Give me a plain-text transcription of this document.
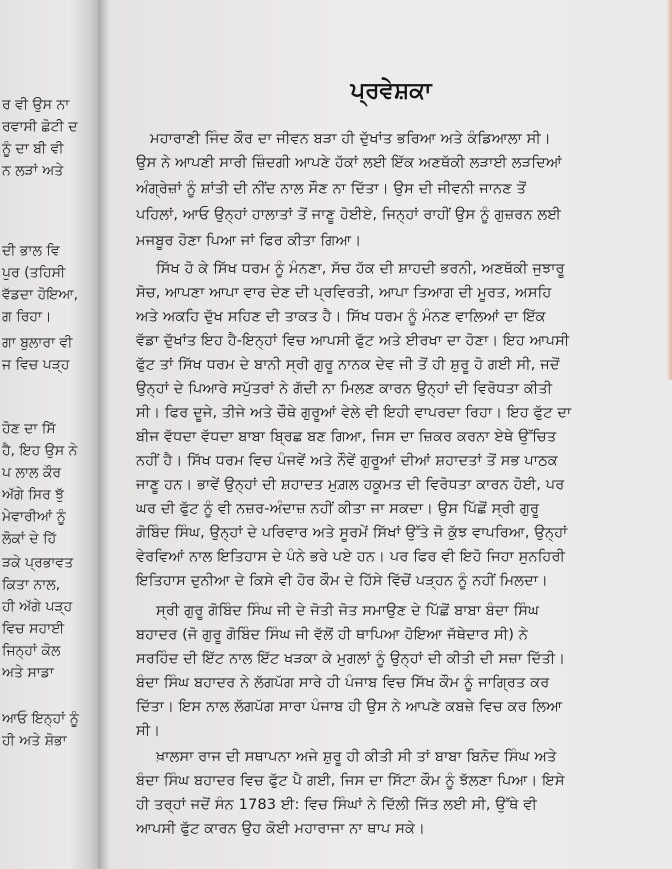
ਰ ਵੀ ਉਸ ਨਾ
ਰਵਾਸੀ ਛੋਟੀ ਦ
ਨੂੰ ਦਾ ਬੀ ਵੀ
ਨ ਲੜਾਂ ਅਤੇ
ਦੀ ਭਾਲ ਵਿ
ਪੁਰ (ਤਹਿਸੀ
ਵੱਡਦਾ ਹੋਇਆ,
ਗ ਰਿਹਾ।
ਗਾ ਬੁਲਾਰਾ ਵੀ
ਜ ਵਿਚ ਪੜ੍ਹ
ਹੋਣ ਦਾ ਸਿੱ
ਹੈ, ਇਹ ਉਸ ਨੇ
ਪ ਲਾਲ ਕੌਰ
ਅੱਗੇ ਸਿਰ ਝੁੱ
ਮੇਵਾਰੀਆਂ ਨੂੰ
ਲੋਕਾਂ ਦੇ ਹਿੱ
ੜਕੇ ਪ੍ਰਭਾਵਤ
ਕਿਤਾ ਨਾਲ,
ਹੀ ਅੱਗੇ ਪੜ੍ਹ
ਵਿਚ ਸਹਾਈ
ਜਿਨ੍ਹਾਂ ਕੋਲ
ਅਤੇ ਸਾਡਾ
ਆਓ ਇਨ੍ਹਾਂ ਨੂੰ
ਹੀ ਅਤੇ ਸ਼ੋਭਾ
ਪ੍ਰਵੇਸ਼ਕਾ
ਮਹਾਰਾਣੀ ਜਿੰਦ ਕੌਰ ਦਾ ਜੀਵਨ ਬੜਾ ਹੀ ਦੁੱਖਾਂਤ ਭਰਿਆ ਅਤੇ ਕੰਡਿਆਲਾ ਸੀ।
ਉਸ ਨੇ ਆਪਣੀ ਸਾਰੀ ਜ਼ਿੰਦਗੀ ਆਪਣੇ ਹੱਕਾਂ ਲਈ ਇੱਕ ਅਣਥੱਕੀ ਲੜਾਈ ਲੜਦਿਆਂ
ਅੰਗ੍ਰੇਜ਼ਾਂ ਨੂੰ ਸ਼ਾਂਤੀ ਦੀ ਨੀਂਦ ਨਾਲ ਸੌਣ ਨਾ ਦਿੱਤਾ। ਉਸ ਦੀ ਜੀਵਨੀ ਜਾਨਣ ਤੋਂ
ਪਹਿਲਾਂ, ਆਓ ਉਨ੍ਹਾਂ ਹਾਲਾਤਾਂ ਤੋਂ ਜਾਣੂ ਹੋਈਏ, ਜਿਨ੍ਹਾਂ ਰਾਹੀਂ ਉਸ ਨੂੰ ਗੁਜ਼ਰਨ ਲਈ
ਮਜਬੂਰ ਹੋਣਾ ਪਿਆ ਜਾਂ ਫਿਰ ਕੀਤਾ ਗਿਆ।
ਸਿੱਖ ਹੋ ਕੇ ਸਿੱਖ ਧਰਮ ਨੂੰ ਮੰਨਣਾ, ਸੱਚ ਹੱਕ ਦੀ ਸ਼ਾਹਦੀ ਭਰਨੀ, ਅਣਥੱਕੀ ਜੁਝਾਰੂ
ਸੋਚ, ਆਪਣਾ ਆਪਾ ਵਾਰ ਦੇਣ ਦੀ ਪ੍ਰਵਿਰਤੀ, ਆਪਾ ਤਿਆਗ ਦੀ ਮੂਰਤ, ਅਸਹਿ
ਅਤੇ ਅਕਹਿ ਦੁੱਖ ਸਹਿਣ ਦੀ ਤਾਕਤ ਹੈ। ਸਿੱਖ ਧਰਮ ਨੂੰ ਮੰਨਣ ਵਾਲਿਆਂ ਦਾ ਇੱਕ
ਵੱਡਾ ਦੁੱਖਾਂਤ ਇਹ ਹੈ-ਇਨ੍ਹਾਂ ਵਿਚ ਆਪਸੀ ਫੁੱਟ ਅਤੇ ਈਰਖਾ ਦਾ ਹੋਣਾ। ਇਹ ਆਪਸੀ
ਫੁੱਟ ਤਾਂ ਸਿੱਖ ਧਰਮ ਦੇ ਬਾਨੀ ਸ੍ਰੀ ਗੁਰੂ ਨਾਨਕ ਦੇਵ ਜੀ ਤੋਂ ਹੀ ਸ਼ੁਰੂ ਹੋ ਗਈ ਸੀ, ਜਦੋਂ
ਉਨ੍ਹਾਂ ਦੇ ਪਿਆਰੇ ਸਪੁੱਤਰਾਂ ਨੇ ਗੱਦੀ ਨਾ ਮਿਲਣ ਕਾਰਨ ਉਨ੍ਹਾਂ ਦੀ ਵਿਰੋਧਤਾ ਕੀਤੀ
ਸੀ। ਫਿਰ ਦੂਜੇ, ਤੀਜੇ ਅਤੇ ਚੌਥੇ ਗੁਰੂਆਂ ਵੇਲੇ ਵੀ ਇਹੀ ਵਾਪਰਦਾ ਰਿਹਾ। ਇਹ ਫੁੱਟ ਦਾ
ਬੀਜ ਵੱਧਦਾ ਵੱਧਦਾ ਬਾਬਾ ਬ੍ਰਿਛ ਬਣ ਗਿਆ, ਜਿਸ ਦਾ ਜ਼ਿਕਰ ਕਰਨਾ ਏਥੇ ਉੱਚਿਤ
ਨਹੀਂ ਹੈ। ਸਿੱਖ ਧਰਮ ਵਿਚ ਪੰਜਵੇਂ ਅਤੇ ਨੌਵੇਂ ਗੁਰੂਆਂ ਦੀਆਂ ਸ਼ਹਾਦਤਾਂ ਤੋਂ ਸਭ ਪਾਠਕ
ਜਾਣੂ ਹਨ। ਭਾਵੇਂ ਉਨ੍ਹਾਂ ਦੀ ਸ਼ਹਾਦਤ ਮੁਗ਼ਲ ਹਕੂਮਤ ਦੀ ਵਿਰੋਧਤਾ ਕਾਰਨ ਹੋਈ, ਪਰ
ਘਰ ਦੀ ਫੁੱਟ ਨੂੰ ਵੀ ਨਜ਼ਰ-ਅੰਦਾਜ਼ ਨਹੀਂ ਕੀਤਾ ਜਾ ਸਕਦਾ। ਉਸ ਪਿੱਛੋਂ ਸ੍ਰੀ ਗੁਰੂ
ਗੋਬਿੰਦ ਸਿੰਘ, ਉਨ੍ਹਾਂ ਦੇ ਪਰਿਵਾਰ ਅਤੇ ਸੂਰਮੇਂ ਸਿੱਖਾਂ ਉੱਤੇ ਜੋ ਕੁੱਝ ਵਾਪਰਿਆ, ਉਨ੍ਹਾਂ
ਵੇਰਵਿਆਂ ਨਾਲ ਇਤਿਹਾਸ ਦੇ ਪੰਨੇ ਭਰੇ ਪਏ ਹਨ। ਪਰ ਫਿਰ ਵੀ ਇਹੋ ਜਿਹਾ ਸੁਨਹਿਰੀ
ਇਤਿਹਾਸ ਦੁਨੀਆ ਦੇ ਕਿਸੇ ਵੀ ਹੋਰ ਕੌਮ ਦੇ ਹਿੱਸੇ ਵਿੱਚੋਂ ਪੜ੍ਹਨ ਨੂੰ ਨਹੀਂ ਮਿਲਦਾ।
ਸ੍ਰੀ ਗੁਰੂ ਗੋਬਿੰਦ ਸਿੰਘ ਜੀ ਦੇ ਜੋਤੀ ਜੋਤ ਸਮਾਉਣ ਦੇ ਪਿੱਛੋਂ ਬਾਬਾ ਬੰਦਾ ਸਿੰਘ
ਬਹਾਦਰ (ਜੋ ਗੁਰੂ ਗੋਬਿੰਦ ਸਿੰਘ ਜੀ ਵੱਲੋਂ ਹੀ ਥਾਪਿਆ ਹੋਇਆ ਜੱਥੇਦਾਰ ਸੀ) ਨੇ
ਸਰਹਿੰਦ ਦੀ ਇੱਟ ਨਾਲ ਇੱਟ ਖੜਕਾ ਕੇ ਮੁਗਲਾਂ ਨੂੰ ਉਨ੍ਹਾਂ ਦੀ ਕੀਤੀ ਦੀ ਸਜ਼ਾ ਦਿੱਤੀ।
ਬੰਦਾ ਸਿੰਘ ਬਹਾਦਰ ਨੇ ਲੱਗਪੱਗ ਸਾਰੇ ਹੀ ਪੰਜਾਬ ਵਿਚ ਸਿੱਖ ਕੌਮ ਨੂੰ ਜਾਗ੍ਰਿਤ ਕਰ
ਦਿੱਤਾ। ਇਸ ਨਾਲ ਲੱਗਪੱਗ ਸਾਰਾ ਪੰਜਾਬ ਹੀ ਉਸ ਨੇ ਆਪਣੇ ਕਬਜ਼ੇ ਵਿਚ ਕਰ ਲਿਆ
ਸੀ।
ਖ਼ਾਲਸਾ ਰਾਜ ਦੀ ਸਥਾਪਨਾ ਅਜੇ ਸ਼ੁਰੂ ਹੀ ਕੀਤੀ ਸੀ ਤਾਂ ਬਾਬਾ ਬਿਨੋਦ ਸਿੰਘ ਅਤੇ
ਬੰਦਾ ਸਿੰਘ ਬਹਾਦਰ ਵਿਚ ਫੁੱਟ ਪੈ ਗਈ, ਜਿਸ ਦਾ ਸਿੱਟਾ ਕੌਮ ਨੂੰ ਝੱਲਣਾ ਪਿਆ। ਇਸੇ
ਹੀ ਤਰ੍ਹਾਂ ਜਦੋਂ ਸੰਨ 1783 ਈ: ਵਿਚ ਸਿੰਘਾਂ ਨੇ ਦਿੱਲੀ ਜਿੱਤ ਲਈ ਸੀ, ਉੱਥੇ ਵੀ
ਆਪਸੀ ਫੁੱਟ ਕਾਰਨ ਉਹ ਕੋਈ ਮਹਾਰਾਜਾ ਨਾ ਥਾਪ ਸਕੇ।
